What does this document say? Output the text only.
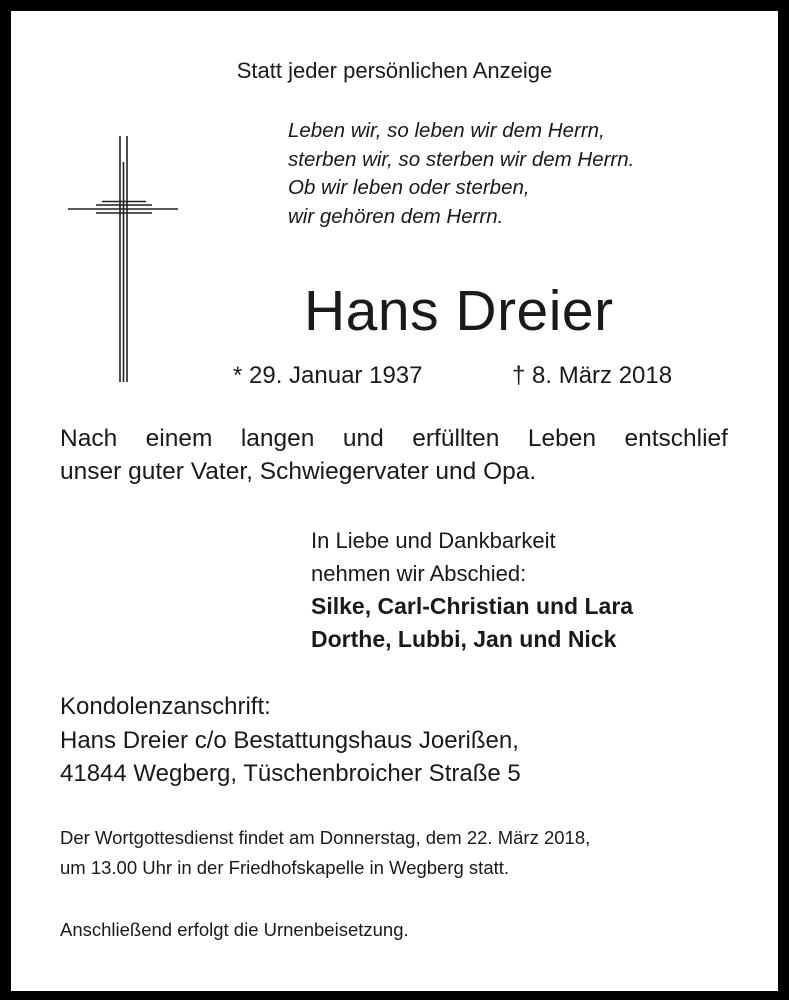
Statt jeder persönlichen Anzeige
Leben wir, so leben wir dem Herrn,
sterben wir, so sterben wir dem Herrn.
Ob wir leben oder sterben,
wir gehören dem Herrn.
Hans Dreier
* 29. Januar 1937	† 8. März 2018
Nach einem langen und erfüllten Leben entschlief
unser guter Vater, Schwiegervater und Opa.
In Liebe und Dankbarkeit
nehmen wir Abschied:
Silke, Carl-Christian und Lara
Dorthe, Lubbi, Jan und Nick
Kondolenzanschrift:
Hans Dreier c/o Bestattungshaus Joerißen,
41844 Wegberg, Tüschenbroicher Straße 5
Der Wortgottesdienst findet am Donnerstag, dem 22. März 2018,
um 13.00 Uhr in der Friedhofskapelle in Wegberg statt.
Anschließend erfolgt die Urnenbeisetzung.
